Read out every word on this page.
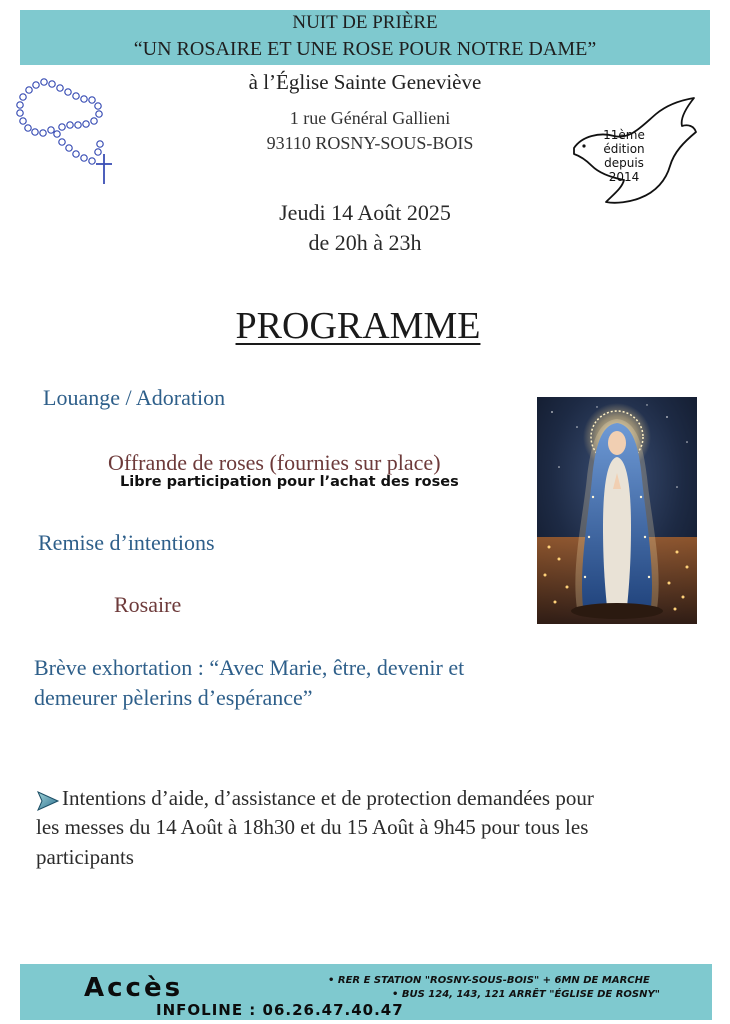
NUIT DE PRIÈRE
“UN ROSAIRE ET UNE ROSE POUR NOTRE DAME”
à l’Église Sainte Geneviève
1 rue Général Gallieni
93110 ROSNY-SOUS-BOIS	11ème
édition
depuis
2014
Jeudi 14 Août 2025
de 20h à 23h
PROGRAMME
Louange / Adoration
Offrande de roses (fournies sur place)
Libre participation pour l’achat des roses
Remise d’intentions
Rosaire
Brève exhortation : “Avec Marie, être, devenir et
demeurer pèlerins d’espérance”
Intentions d’aide, d’assistance et de protection demandées pour
les messes du 14 Août à 18h30 et du 15 Août à 9h45 pour tous les
participants
Accès
INFOLINE : 06.26.47.40.47
• RER E STATION "ROSNY-SOUS-BOIS" + 6MN DE MARCHE
• BUS 124, 143, 121 ARRÊT "ÉGLISE DE ROSNY"
